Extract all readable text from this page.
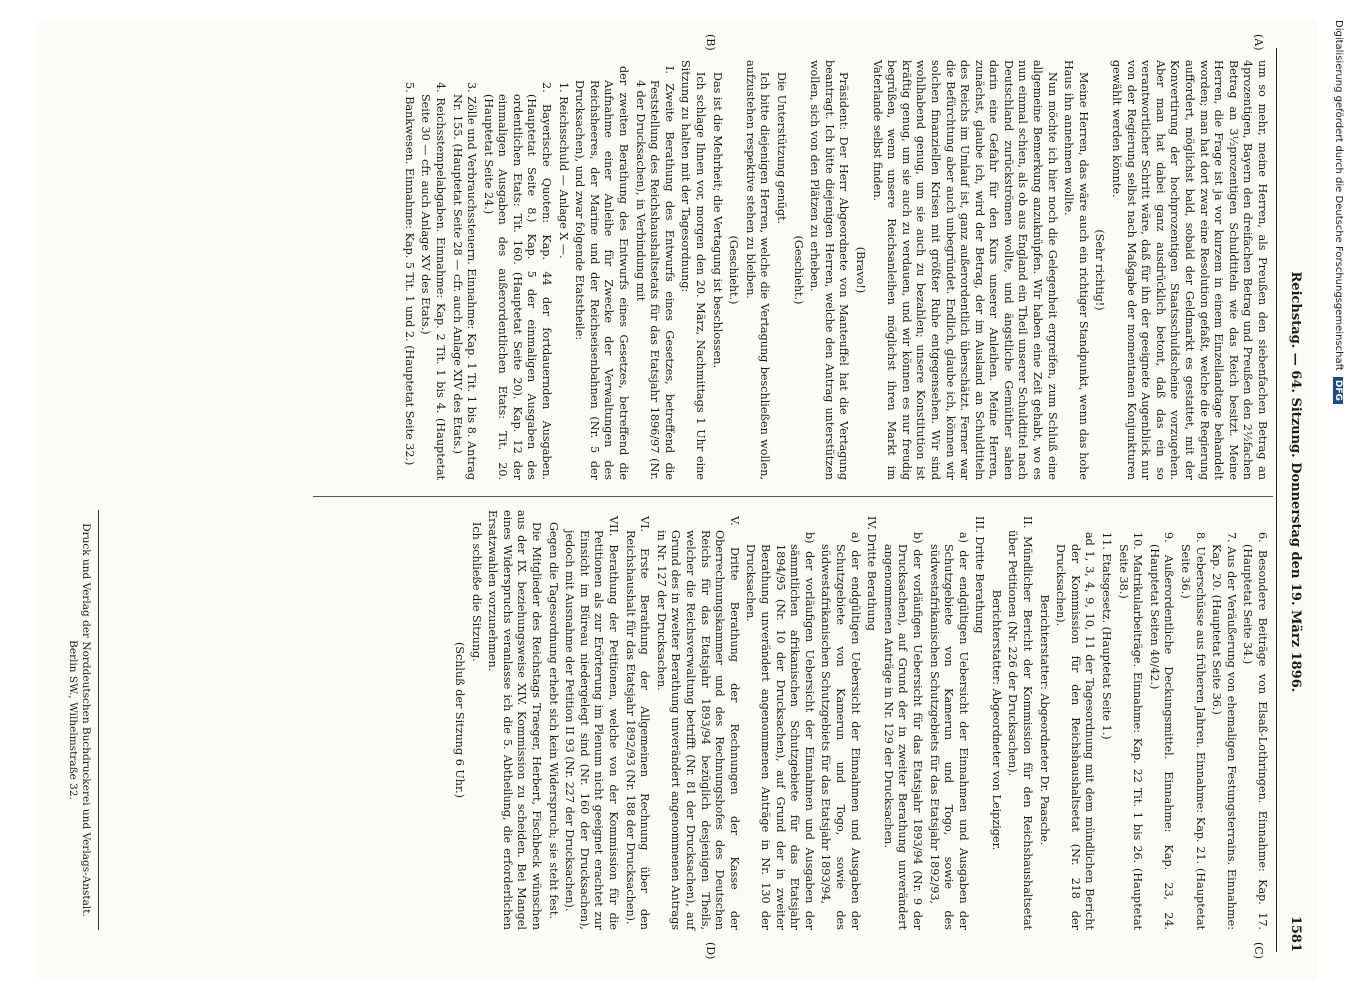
Reichstag. — 64. Sitzung. Donnerstag den 19. März 1896.
1581
(A)
(B)
(C)
(D)

um so mehr, meine Herren, als Preußen den siebenfachen Betrag an 4prozentigen, Bayern den dreifachen Betrag und Preußen den 2½fachen Betrag an 3½prozentigen Schuldtiteln wie das Reich besitzt. Meine Herren, die Frage ist ja vor kurzem in einem Einzellandtage behandelt worden; man hat dort zwar eine Resolution gefaßt, welche die Regierung auffordert, möglichst bald, sobald der Geldmarkt es gestattet, mit der Konvertirung der hochprozentigen Staatsschuldscheine vorzugehen. Aber man hat dabei ganz ausdrücklich betont, daß das ein so verantwortlicher Schritt wäre, daß für ihn der geeignete Augenblick nur von der Regierung selbst nach Maßgabe der momentanen Konjunkturen gewählt werden könnte.

(Sehr richtig!)

Meine Herren, das wäre auch ein richtiger Standpunkt, wenn das hohe Haus ihn annehmen wollte.

Nun möchte ich hier noch die Gelegenheit ergreifen, zum Schluß eine allgemeine Bemerkung anzuknüpfen. Wir haben eine Zeit gehabt, wo es nun einmal schien, als ob aus England ein Theil unserer Schuldtitel nach Deutschland zurückströmen wollte, und ängstliche Gemüther sahen darin eine Gefahr für den Kurs unserer Anleihen. Meine Herren, zunächst, glaube ich, wird der Betrag, der im Ausland an Schuldtiteln des Reichs im Umlauf ist, ganz außerordentlich überschätzt. Ferner war die Befürchtung aber auch unbegründet. Endlich, glaube ich, können wir solchen finanziellen Krisen mit größter Ruhe entgegensehen. Wir sind wohlhabend genug, um sie auch zu bezahlen; unsere Konstitution ist kräftig genug, um sie auch zu verdauen, und wir können es nur freudig begrüßen, wenn unsere Reichsanleihen möglichst ihren Markt im Vaterlande selbst finden.

(Bravo!)

Präsident: Der Herr Abgeordnete von Manteuffel hat die Vertagung beantragt. Ich bitte diejenigen Herren, welche den Antrag unterstützen wollen, sich von den Plätzen zu erheben.

(Geschieht.)

Die Unterstützung genügt.

Ich bitte diejenigen Herren, welche die Vertagung beschließen wollen, aufzustehen respektive stehen zu bleiben.

(Geschieht.)

Das ist die Mehrheit; die Vertagung ist beschlossen.

Ich schlage Ihnen vor, morgen den 20. März, Nachmittags 1 Uhr eine Sitzung zu halten mit der Tagesordnung:

I. Zweite Berathung des Entwurfs eines Gesetzes, betreffend die Feststellung des Reichshaushaltsetats für das Etatsjahr 1896/97 (Nr. 4 der Drucksachen), in Verbindung mit

der zweiten Berathung des Entwurfs eines Gesetzes, betreffend die Aufnahme einer Anleihe für Zwecke der Verwaltungen des Reichsheeres, der Marine und der Reichseisenbahnen (Nr. 5 der Drucksachen), und zwar folgende Etatstheile:

1. Reichsschuld — Anlage X —.

2. Bayerische Quoten: Kap. 44 der fortdauernden Ausgaben. (Hauptetat Seite 8.) Kap. 5 der einmaligen Ausgaben des ordentlichen Etats: Tit. 160. (Hauptetat Seite 20). Kap. 12 der einmaligen Ausgaben des außerordentlichen Etats: Tit. 20. (Hauptetat Seite 24.)

3. Zölle und Verbrauchssteuern. Einnahme: Kap. 1 Tit. 1 bis 8. Antrag Nr. 155. (Hauptetat Seite 28 — cfr. auch Anlage XIV des Etats.)

4. Reichsstempelabgaben. Einnahme: Kap. 2 Tit. 1 bis 4. (Hauptetat Seite 30 — cfr. auch Anlage XV des Etats.)

5. Bankwesen. Einnahme: Kap. 5 Tit. 1 und 2. (Hauptetat Seite 32.)

6. Besondere Beiträge von Elsaß-Lothringen. Einnahme: Kap. 17. (Hauptetat Seite 34.)

7. Aus der Veräußerung von ehemaligen Festungsterrains. Einnahme: Kap. 20. (Hauptetat Seite 36.)

8. Ueberschüsse aus früheren Jahren. Einnahme: Kap. 21. (Hauptetat Seite 36.)

9. Außerordentliche Deckungsmittel. Einnahme: Kap. 23, 24. (Hauptetat Seiten 40/42.)

10. Matrikularbeiträge. Einnahme: Kap. 22 Tit. 1 bis 26. (Hauptetat Seite 38.)

11. Etatsgesetz. (Hauptetat Seite 1.)

ad 1, 3, 4, 9, 10, 11 der Tagesordnung mit dem mündlichen Bericht der Kommission für den Reichshaushaltsetat (Nr. 218 der Drucksachen).

Berichterstatter: Abgeordneter Dr. Paasche.

II. Mündlicher Bericht der Kommission für den Reichshaushaltsetat über Petitionen (Nr. 226 der Drucksachen).

Berichterstatter: Abgeordneter von Leipziger.

III. Dritte Berathung

a) der endgültigen Uebersicht der Einnahmen und Ausgaben der Schutzgebiete von Kamerun und Togo, sowie des südwestafrikanischen Schutzgebiets für das Etatsjahr 1892/93,

b) der vorläufigen Uebersicht für das Etatsjahr 1893/94 (Nr. 9 der Drucksachen), auf Grund der in zweiter Berathung unverändert angenommenen Anträge in Nr. 129 der Drucksachen.

IV. Dritte Berathung

a) der endgültigen Uebersicht der Einnahmen und Ausgaben der Schutzgebiete von Kamerun und Togo, sowie des südwestafrikanischen Schutzgebiets für das Etatsjahr 1893/94,

b) der vorläufigen Uebersicht der Einnahmen und Ausgaben der sämmtlichen afrikanischen Schutzgebiete für das Etatsjahr 1894/95 (Nr. 10 der Drucksachen), auf Grund der in zweiter Berathung unverändert angenommenen Anträge in Nr. 130 der Drucksachen.

V. Dritte Berathung der Rechnungen der Kasse der Oberrechnungskammer und des Rechnungshofes des Deutschen Reichs für das Etatsjahr 1893/94 bezüglich desjenigen Theils, welcher die Reichsverwaltung betrifft (Nr. 81 der Drucksachen), auf Grund des in zweiter Berathung unverändert angenommenen Antrags in Nr. 127 der Drucksachen.

VI. Erste Berathung der Allgemeinen Rechnung über den Reichshaushalt für das Etatsjahr 1892/93 (Nr. 188 der Drucksachen).

VII. Berathung der Petitionen, welche von der Kommission für die Petitionen als zur Erörterung im Plenum nicht geeignet erachtet zur Einsicht im Büreau niedergelegt sind (Nr. 160 der Drucksachen), jedoch mit Ausnahme der Petition II 93 (Nr. 227 der Drucksachen).

Gegen die Tagesordnung erhebt sich kein Widerspruch; sie steht fest.

Die Mitglieder des Reichstags Traeger, Herbert, Fischbeck wünschen aus der IX. beziehungsweise XIV. Kommission zu scheiden. Bei Mangel eines Widerspruchs veranlasse ich die 5. Abtheilung, die erforderlichen Ersatzwahlen vorzunehmen.

Ich schließe die Sitzung.

(Schluß der Sitzung 6 Uhr.)

Druck und Verlag der Norddeutschen Buchdruckerei und Verlags-Anstalt.
Berlin SW., Wilhelmstraße 32.
Digitalisierung gefördert durch die Deutsche ForschungsgemeinschaftDFG
